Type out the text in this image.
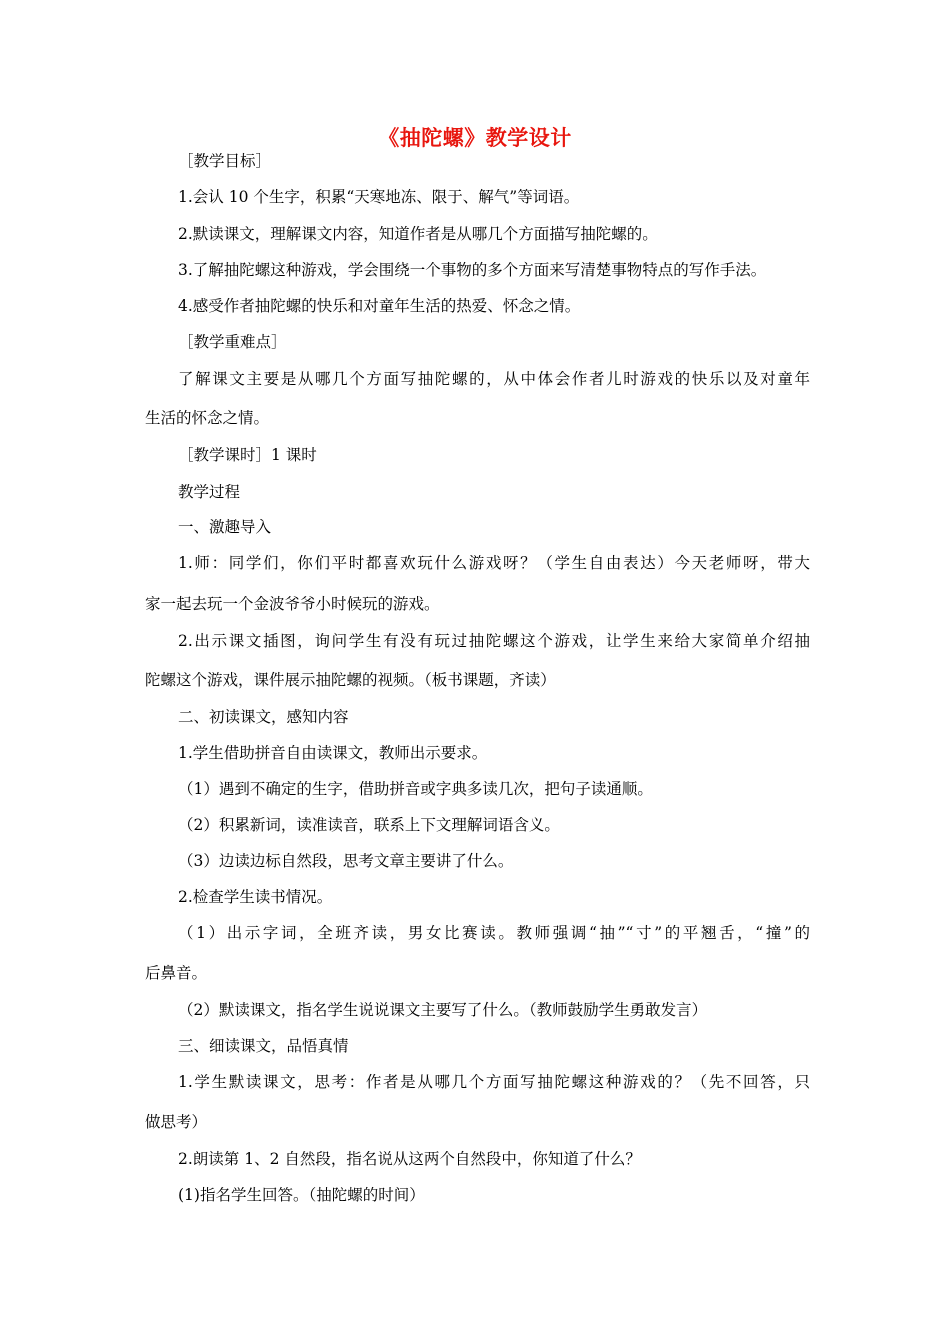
《抽陀螺》教学设计
［教学目标］
1.会认 10 个生字，积累“天寒地冻、限于、解气”等词语。
2.默读课文，理解课文内容，知道作者是从哪几个方面描写抽陀螺的。
3.了解抽陀螺这种游戏，学会围绕一个事物的多个方面来写清楚事物特点的写作手法。
4.感受作者抽陀螺的快乐和对童年生活的热爱、怀念之情。
［教学重难点］
了解课文主要是从哪几个方面写抽陀螺的，从中体会作者儿时游戏的快乐以及对童年
生活的怀念之情。
［教学课时］1 课时
教学过程
一、激趣导入
1.师：同学们，你们平时都喜欢玩什么游戏呀？（学生自由表达）今天老师呀，带大
家一起去玩一个金波爷爷小时候玩的游戏。
2.出示课文插图，询问学生有没有玩过抽陀螺这个游戏，让学生来给大家简单介绍抽
陀螺这个游戏，课件展示抽陀螺的视频。（板书课题，齐读）
二、初读课文，感知内容
1.学生借助拼音自由读课文，教师出示要求。
（1）遇到不确定的生字，借助拼音或字典多读几次，把句子读通顺。
（2）积累新词，读准读音，联系上下文理解词语含义。
（3）边读边标自然段，思考文章主要讲了什么。
2.检查学生读书情况。
（1）出示字词，全班齐读，男女比赛读。教师强调“抽”“寸”的平翘舌，“撞”的
后鼻音。
（2）默读课文，指名学生说说课文主要写了什么。（教师鼓励学生勇敢发言）
三、细读课文，品悟真情
1.学生默读课文，思考：作者是从哪几个方面写抽陀螺这种游戏的？（先不回答，只
做思考）
2.朗读第 1、2 自然段，指名说从这两个自然段中，你知道了什么？
(1)指名学生回答。（抽陀螺的时间）
